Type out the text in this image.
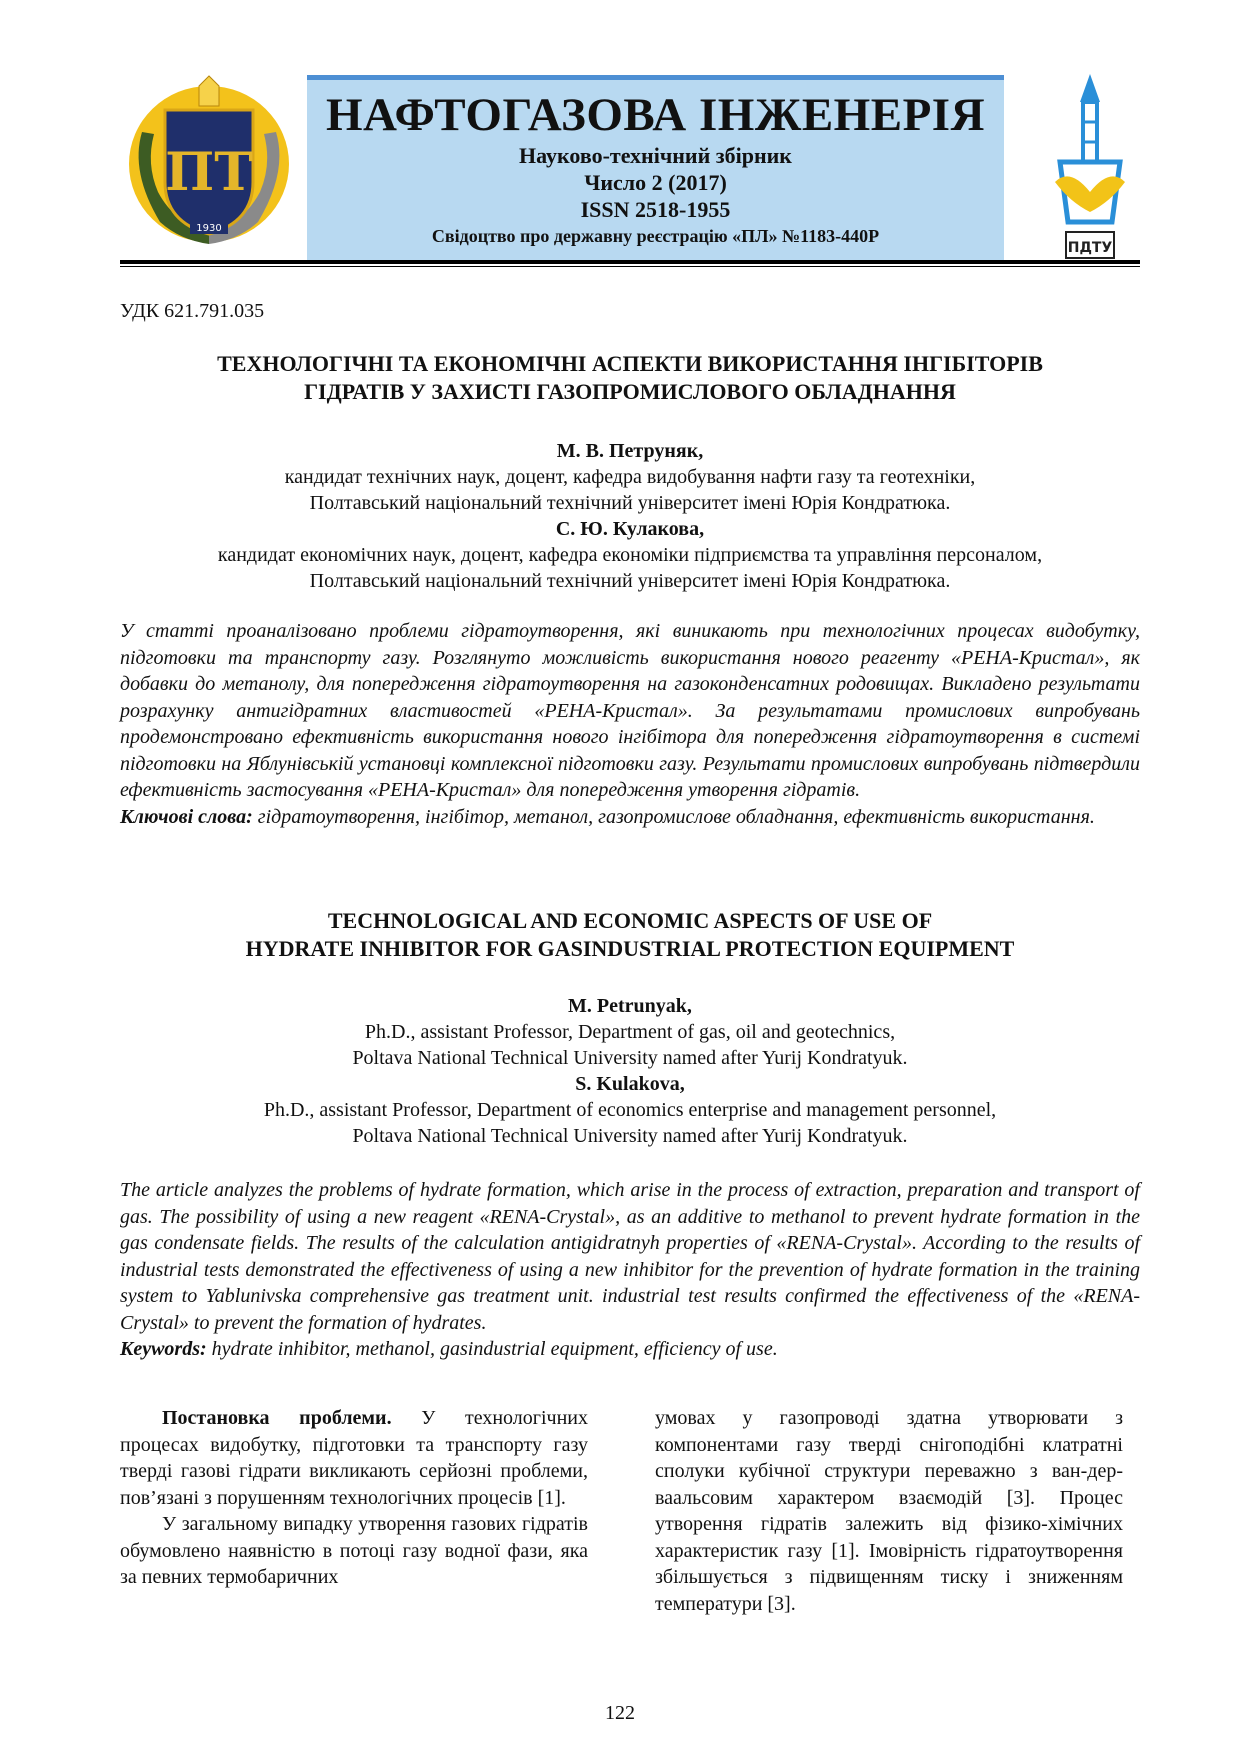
ПТ
1930
НАФТОГАЗОВА ІНЖЕНЕРІЯ
Науково-технічний збірник
Число 2 (2017)
ISSN 2518-1955
Свідоцтво про державну реєстрацію «ПЛ» №1183-440Р
ПДТУ
УДК 621.791.035
ТЕХНОЛОГІЧНІ ТА ЕКОНОМІЧНІ АСПЕКТИ ВИКОРИСТАННЯ ІНГІБІТОРІВ
ГІДРАТІВ У ЗАХИСТІ ГАЗОПРОМИСЛОВОГО ОБЛАДНАННЯ
М. В. Петруняк,
кандидат технічних наук, доцент, кафедра видобування нафти газу та геотехніки,
Полтавський національний технічний університет імені Юрія Кондратюка.
С. Ю. Кулакова,
кандидат економічних наук, доцент, кафедра економіки підприємства та управління персоналом,
Полтавський національний технічний університет імені Юрія Кондратюка.
У статті проаналізовано проблеми гідратоутворення, які виникають при технологічних процесах видобутку, підготовки та транспорту газу. Розглянуто можливість використання нового реагенту «РЕНА-Кристал», як добавки до метанолу, для попередження гідратоутворення на газоконденсатних родовищах. Викладено результати розрахунку антигідратних властивостей «РЕНА-Кристал». За результатами промислових випробувань продемонстровано ефективність використання нового інгібітора для попередження гідратоутворення в системі підготовки на Яблунівській установці комплексної підготовки газу. Результати промислових випробувань підтвердили ефективність застосування «РЕНА-Кристал» для попередження утворення гідратів.
Ключові слова: гідратоутворення, інгібітор, метанол, газопромислове обладнання, ефективність використання.
TECHNOLOGICAL AND ECONOMIC ASPECTS OF USE OF
HYDRATE INHIBITOR FOR GASINDUSTRIAL PROTECTION EQUIPMENT
M. Petrunyak,
Ph.D., assistant Professor, Department of gas, oil and geotechnics,
Poltava National Technical University named after Yurij Kondratyuk.
S. Kulakova,
Ph.D., assistant Professor, Department of economics enterprise and management personnel,
Poltava National Technical University named after Yurij Kondratyuk.
The article analyzes the problems of hydrate formation, which arise in the process of extraction, preparation and transport of gas. The possibility of using a new reagent «RENA-Crystal», as an additive to methanol to prevent hydrate formation in the gas condensate fields. The results of the calculation antigidratnyh properties of «RENA-Crystal». According to the results of industrial tests demonstrated the effectiveness of using a new inhibitor for the prevention of hydrate formation in the training system to Yablunivska comprehensive gas treatment unit. industrial test results confirmed the effectiveness of the «RENA-Crystal» to prevent the formation of hydrates.
Keywords: hydrate inhibitor, methanol, gasindustrial equipment, efficiency of use.

Постановка проблеми. У технологічних процесах видобутку, підготовки та транспорту газу тверді газові гідрати викликають серйозні проблеми, пов’язані з порушенням технологічних процесів [1].

У загальному випадку утворення газових гідратів обумовлено наявністю в потоці газу водної фази, яка за певних термобаричних

умовах у газопроводі здатна утворювати з компонентами газу тверді снігоподібні клатратні сполуки кубічної структури переважно з ван-дер-ваальсовим характером взаємодій [3]. Процес утворення гідратів залежить від фізико-хімічних характеристик газу [1]. Імовірність гідратоутворення збільшується з підвищенням тиску і зниженням температури [3].

122
